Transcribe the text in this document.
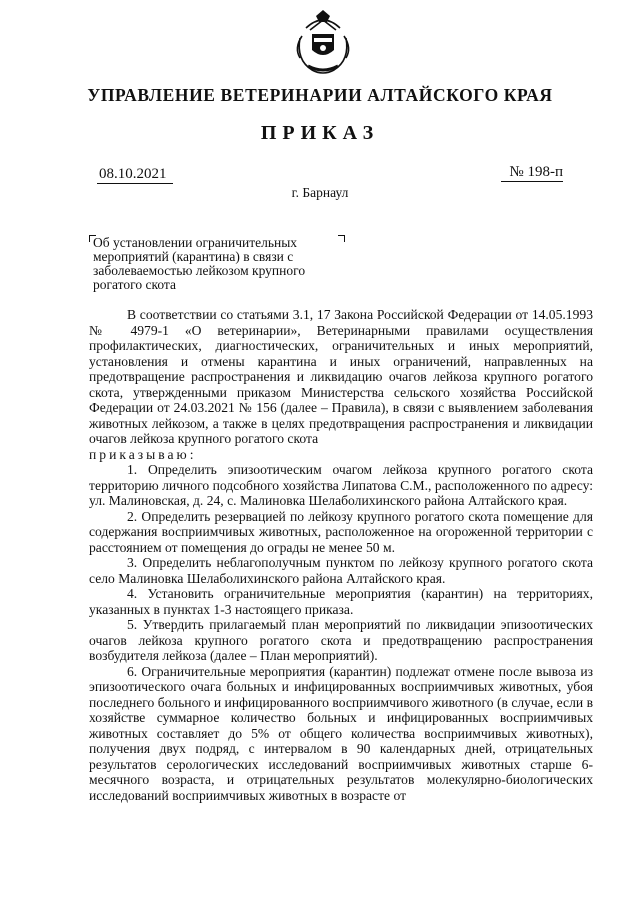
УПРАВЛЕНИЕ ВЕТЕРИНАРИИ АЛТАЙСКОГО КРАЯ
ПРИКАЗ
08.10.2021	№ 198-п
г. Барнаул
Об установлении ограничительных мероприятий (карантина) в связи с заболеваемостью лейкозом крупного рогатого скота

В соответствии со статьями 3.1, 17 Закона Российской Федерации от 14.05.1993 № 4979-1 «О ветеринарии», Ветеринарными правилами осуществления профилактических, диагностических, ограничительных и иных мероприятий, установления и отмены карантина и иных ограничений, направленных на предотвращение распространения и ликвидацию очагов лейкоза крупного рогатого скота, утвержденными приказом Министерства сельского хозяйства Российской Федерации от 24.03.2021 № 156 (далее – Правила), в связи с выявлением заболевания животных лейкозом, а также в целях предотвращения распространения и ликвидации очагов лейкоза крупного рогатого скота

приказываю:

1. Определить эпизоотическим очагом лейкоза крупного рогатого скота территорию личного подсобного хозяйства Липатова С.М., расположенного по адресу: ул. Малиновская, д. 24, с. Малиновка Шелаболихинского района Алтайского края.

2. Определить резервацией по лейкозу крупного рогатого скота помещение для содержания восприимчивых животных, расположенное на огороженной территории с расстоянием от помещения до ограды не менее 50 м.

3. Определить неблагополучным пунктом по лейкозу крупного рогатого скота село Малиновка Шелаболихинского района Алтайского края.

4. Установить ограничительные мероприятия (карантин) на территориях, указанных в пунктах 1-3 настоящего приказа.

5. Утвердить прилагаемый план мероприятий по ликвидации эпизоотических очагов лейкоза крупного рогатого скота и предотвращению распространения возбудителя лейкоза (далее – План мероприятий).

6. Ограничительные мероприятия (карантин) подлежат отмене после вывоза из эпизоотического очага больных и инфицированных восприимчивых животных, убоя последнего больного и инфицированного восприимчивого животного (в случае, если в хозяйстве суммарное количество больных и инфицированных восприимчивых животных составляет до 5% от общего количества восприимчивых животных), получения двух подряд, с интервалом в 90 календарных дней, отрицательных результатов серологических исследований восприимчивых животных старше 6-месячного возраста, и отрицательных результатов молекулярно-биологических исследований восприимчивых животных в возрасте от
